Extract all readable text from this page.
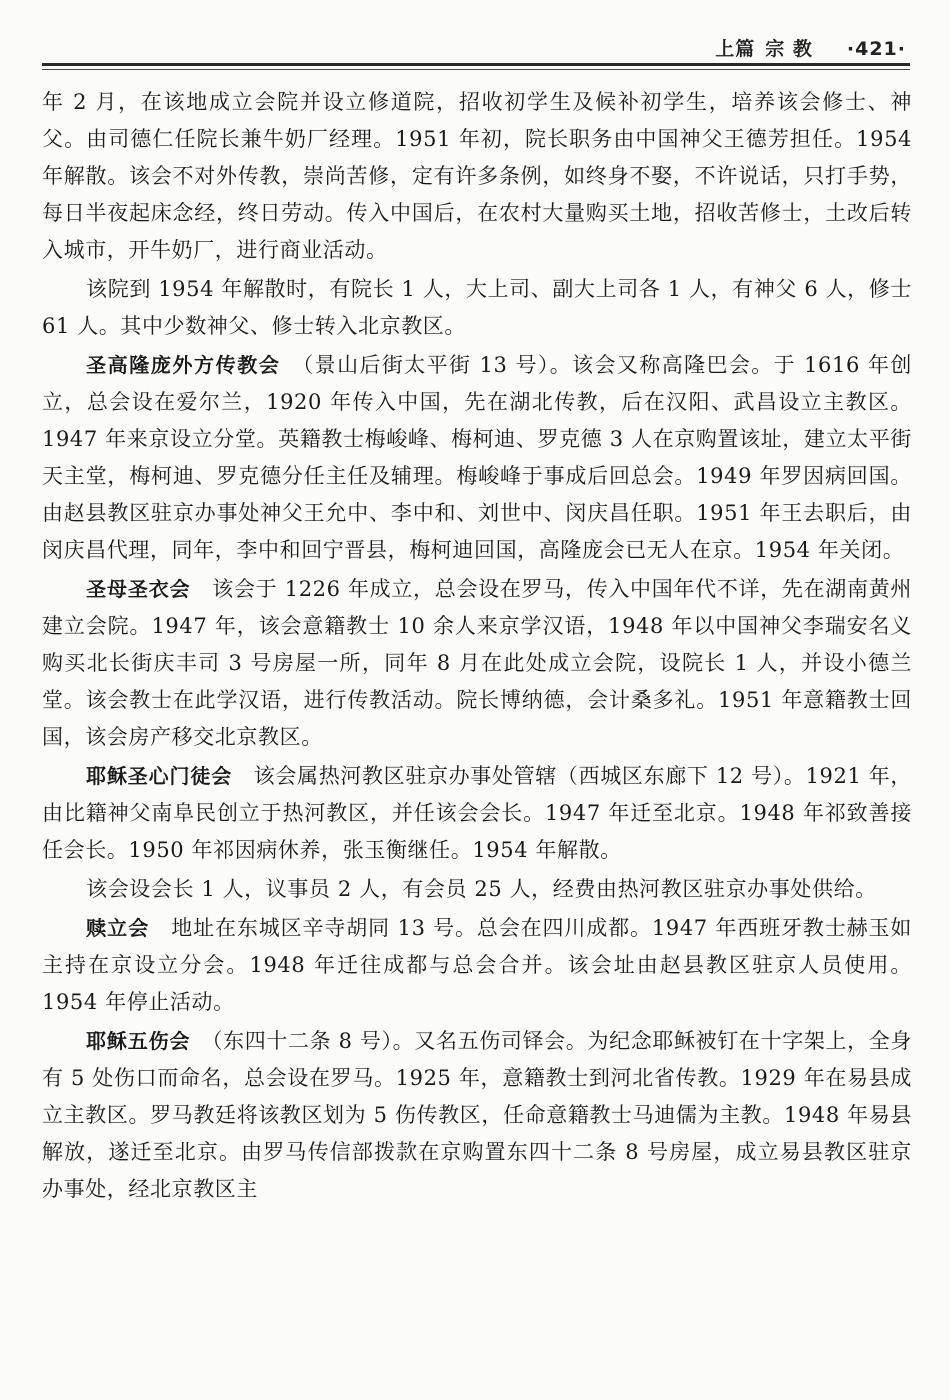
上篇 宗 教 ·421·

年 2 月，在该地成立会院并设立修道院，招收初学生及候补初学生，培养该会修士、神父。由司德仁任院长兼牛奶厂经理。1951 年初，院长职务由中国神父王德芳担任。1954 年解散。该会不对外传教，崇尚苦修，定有许多条例，如终身不娶，不许说话，只打手势，每日半夜起床念经，终日劳动。传入中国后，在农村大量购买土地，招收苦修士，土改后转入城市，开牛奶厂，进行商业活动。

该院到 1954 年解散时，有院长 1 人，大上司、副大上司各 1 人，有神父 6 人，修士 61 人。其中少数神父、修士转入北京教区。

圣高隆庞外方传教会　（景山后街太平街 13 号）。该会又称高隆巴会。于 1616 年创立，总会设在爱尔兰，1920 年传入中国，先在湖北传教，后在汉阳、武昌设立主教区。1947 年来京设立分堂。英籍教士梅峻峰、梅柯迪、罗克德 3 人在京购置该址，建立太平街天主堂，梅柯迪、罗克德分任主任及辅理。梅峻峰于事成后回总会。1949 年罗因病回国。由赵县教区驻京办事处神父王允中、李中和、刘世中、闵庆昌任职。1951 年王去职后，由闵庆昌代理，同年，李中和回宁晋县，梅柯迪回国，高隆庞会已无人在京。1954 年关闭。

圣母圣衣会　该会于 1226 年成立，总会设在罗马，传入中国年代不详，先在湖南黄州建立会院。1947 年，该会意籍教士 10 余人来京学汉语，1948 年以中国神父李瑞安名义购买北长街庆丰司 3 号房屋一所，同年 8 月在此处成立会院，设院长 1 人，并设小德兰堂。该会教士在此学汉语，进行传教活动。院长博纳德，会计桑多礼。1951 年意籍教士回国，该会房产移交北京教区。

耶稣圣心门徒会　该会属热河教区驻京办事处管辖（西城区东廊下 12 号）。1921 年，由比籍神父南阜民创立于热河教区，并任该会会长。1947 年迁至北京。1948 年祁致善接任会长。1950 年祁因病休养，张玉衡继任。1954 年解散。

该会设会长 1 人，议事员 2 人，有会员 25 人，经费由热河教区驻京办事处供给。

赎立会　地址在东城区辛寺胡同 13 号。总会在四川成都。1947 年西班牙教士赫玉如主持在京设立分会。1948 年迁往成都与总会合并。该会址由赵县教区驻京人员使用。1954 年停止活动。

耶稣五伤会　（东四十二条 8 号）。又名五伤司铎会。为纪念耶稣被钉在十字架上，全身有 5 处伤口而命名，总会设在罗马。1925 年，意籍教士到河北省传教。1929 年在易县成立主教区。罗马教廷将该教区划为 5 伤传教区，任命意籍教士马迪儒为主教。1948 年易县解放，遂迁至北京。由罗马传信部拨款在京购置东四十二条 8 号房屋，成立易县教区驻京办事处，经北京教区主
